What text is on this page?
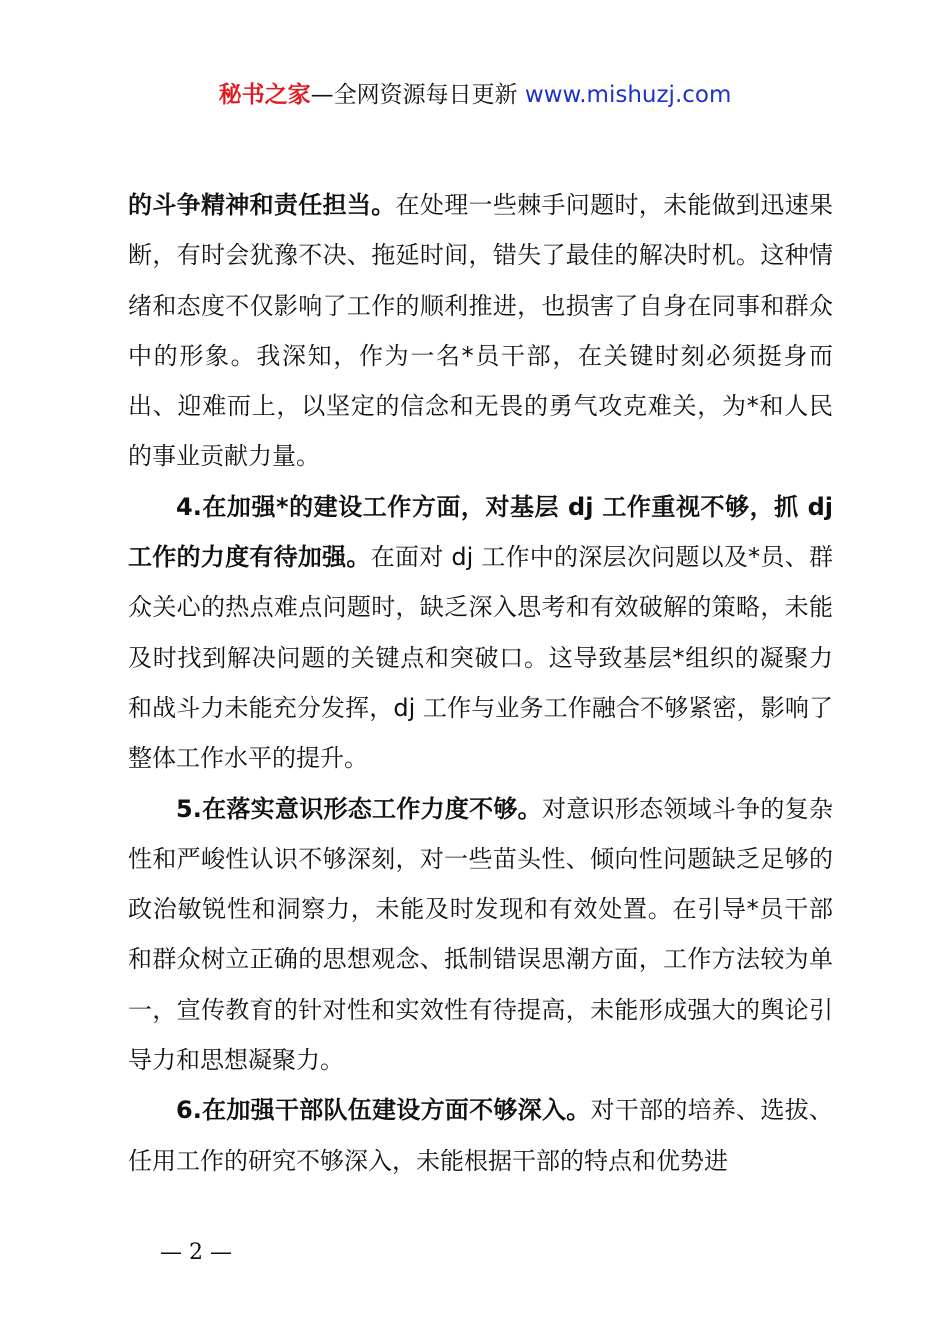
秘书之家—全网资源每日更新 www.mishuzj.com

的斗争精神和责任担当。在处理一些棘手问题时，未能做到迅速果断，有时会犹豫不决、拖延时间，错失了最佳的解决时机。这种情绪和态度不仅影响了工作的顺利推进，也损害了自身在同事和群众中的形象。我深知，作为一名*员干部，在关键时刻必须挺身而出、迎难而上，以坚定的信念和无畏的勇气攻克难关，为*和人民的事业贡献力量。

4.在加强*的建设工作方面，对基层 dj 工作重视不够，抓 dj 工作的力度有待加强。在面对 dj 工作中的深层次问题以及*员、群众关心的热点难点问题时，缺乏深入思考和有效破解的策略，未能及时找到解决问题的关键点和突破口。这导致基层*组织的凝聚力和战斗力未能充分发挥，dj 工作与业务工作融合不够紧密，影响了整体工作水平的提升。

5.在落实意识形态工作力度不够。对意识形态领域斗争的复杂性和严峻性认识不够深刻，对一些苗头性、倾向性问题缺乏足够的政治敏锐性和洞察力，未能及时发现和有效处置。在引导*员干部和群众树立正确的思想观念、抵制错误思潮方面，工作方法较为单一，宣传教育的针对性和实效性有待提高，未能形成强大的舆论引导力和思想凝聚力。

6.在加强干部队伍建设方面不够深入。对干部的培养、选拔、任用工作的研究不够深入，未能根据干部的特点和优势进

— 2 —
